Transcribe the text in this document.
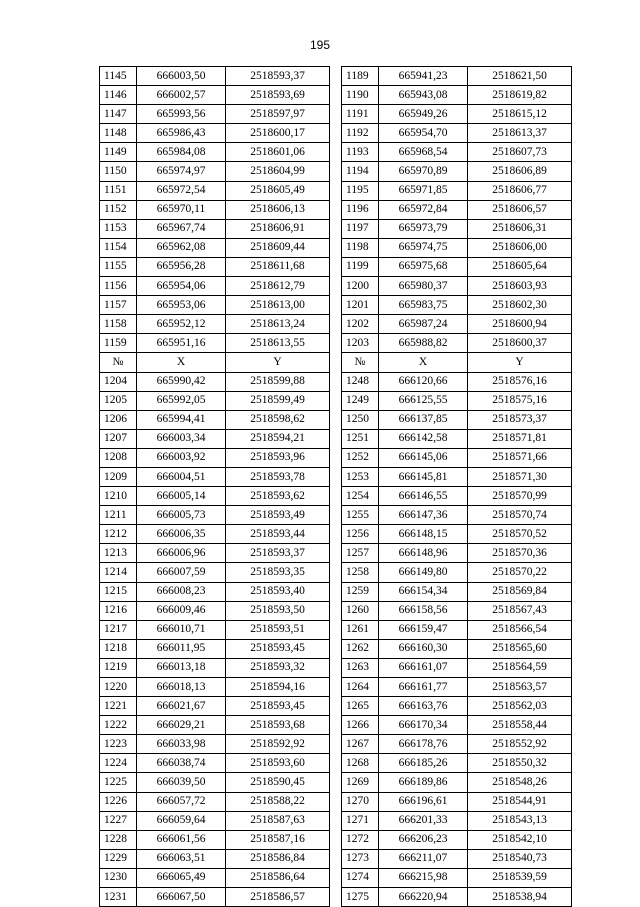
195
1145	666003,50	2518593,37		1189	665941,23	2518621,50
1146	666002,57	2518593,69		1190	665943,08	2518619,82
1147	665993,56	2518597,97		1191	665949,26	2518615,12
1148	665986,43	2518600,17		1192	665954,70	2518613,37
1149	665984,08	2518601,06		1193	665968,54	2518607,73
1150	665974,97	2518604,99		1194	665970,89	2518606,89
1151	665972,54	2518605,49		1195	665971,85	2518606,77
1152	665970,11	2518606,13		1196	665972,84	2518606,57
1153	665967,74	2518606,91		1197	665973,79	2518606,31
1154	665962,08	2518609,44		1198	665974,75	2518606,00
1155	665956,28	2518611,68		1199	665975,68	2518605,64
1156	665954,06	2518612,79		1200	665980,37	2518603,93
1157	665953,06	2518613,00		1201	665983,75	2518602,30
1158	665952,12	2518613,24		1202	665987,24	2518600,94
1159	665951,16	2518613,55		1203	665988,82	2518600,37
№	X	Y		№	X	Y
1204	665990,42	2518599,88		1248	666120,66	2518576,16
1205	665992,05	2518599,49		1249	666125,55	2518575,16
1206	665994,41	2518598,62		1250	666137,85	2518573,37
1207	666003,34	2518594,21		1251	666142,58	2518571,81
1208	666003,92	2518593,96		1252	666145,06	2518571,66
1209	666004,51	2518593,78		1253	666145,81	2518571,30
1210	666005,14	2518593,62		1254	666146,55	2518570,99
1211	666005,73	2518593,49		1255	666147,36	2518570,74
1212	666006,35	2518593,44		1256	666148,15	2518570,52
1213	666006,96	2518593,37		1257	666148,96	2518570,36
1214	666007,59	2518593,35		1258	666149,80	2518570,22
1215	666008,23	2518593,40		1259	666154,34	2518569,84
1216	666009,46	2518593,50		1260	666158,56	2518567,43
1217	666010,71	2518593,51		1261	666159,47	2518566,54
1218	666011,95	2518593,45		1262	666160,30	2518565,60
1219	666013,18	2518593,32		1263	666161,07	2518564,59
1220	666018,13	2518594,16		1264	666161,77	2518563,57
1221	666021,67	2518593,45		1265	666163,76	2518562,03
1222	666029,21	2518593,68		1266	666170,34	2518558,44
1223	666033,98	2518592,92		1267	666178,76	2518552,92
1224	666038,74	2518593,60		1268	666185,26	2518550,32
1225	666039,50	2518590,45		1269	666189,86	2518548,26
1226	666057,72	2518588,22		1270	666196,61	2518544,91
1227	666059,64	2518587,63		1271	666201,33	2518543,13
1228	666061,56	2518587,16		1272	666206,23	2518542,10
1229	666063,51	2518586,84		1273	666211,07	2518540,73
1230	666065,49	2518586,64		1274	666215,98	2518539,59
1231	666067,50	2518586,57		1275	666220,94	2518538,94
